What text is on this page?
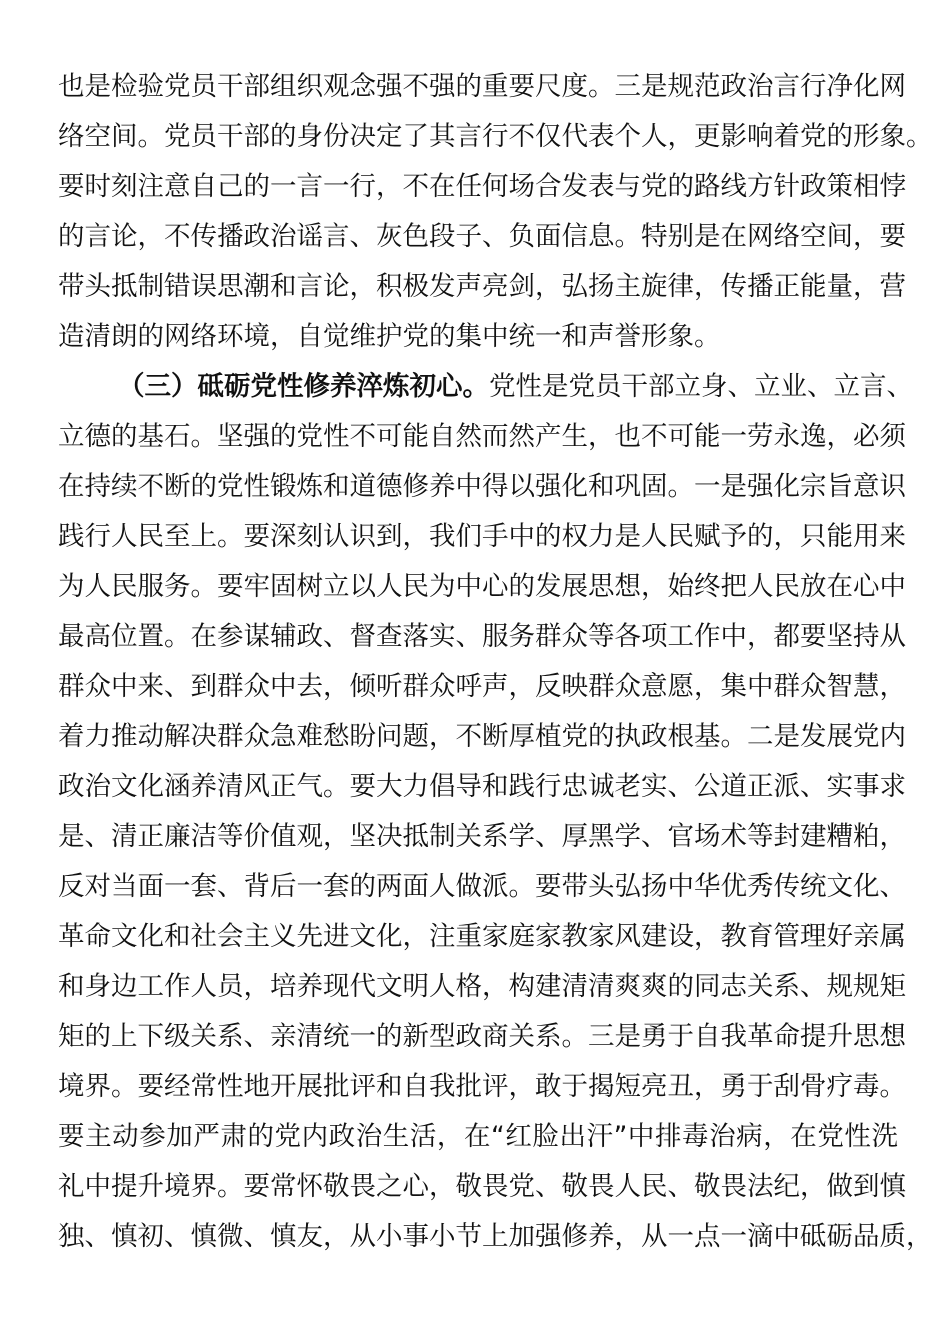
也是检验党员干部组织观念强不强的重要尺度。三是规范政治言行净化网
络空间。党员干部的身份决定了其言行不仅代表个人，更影响着党的形象。
要时刻注意自己的一言一行，不在任何场合发表与党的路线方针政策相悖
的言论，不传播政治谣言、灰色段子、负面信息。特别是在网络空间，要
带头抵制错误思潮和言论，积极发声亮剑，弘扬主旋律，传播正能量，营
造清朗的网络环境，自觉维护党的集中统一和声誉形象。
（三）砥砺党性修养淬炼初心。党性是党员干部立身、立业、立言、
立德的基石。坚强的党性不可能自然而然产生，也不可能一劳永逸，必须
在持续不断的党性锻炼和道德修养中得以强化和巩固。一是强化宗旨意识
践行人民至上。要深刻认识到，我们手中的权力是人民赋予的，只能用来
为人民服务。要牢固树立以人民为中心的发展思想，始终把人民放在心中
最高位置。在参谋辅政、督查落实、服务群众等各项工作中，都要坚持从
群众中来、到群众中去，倾听群众呼声，反映群众意愿，集中群众智慧，
着力推动解决群众急难愁盼问题，不断厚植党的执政根基。二是发展党内
政治文化涵养清风正气。要大力倡导和践行忠诚老实、公道正派、实事求
是、清正廉洁等价值观，坚决抵制关系学、厚黑学、官场术等封建糟粕，
反对当面一套、背后一套的两面人做派。要带头弘扬中华优秀传统文化、
革命文化和社会主义先进文化，注重家庭家教家风建设，教育管理好亲属
和身边工作人员，培养现代文明人格，构建清清爽爽的同志关系、规规矩
矩的上下级关系、亲清统一的新型政商关系。三是勇于自我革命提升思想
境界。要经常性地开展批评和自我批评，敢于揭短亮丑，勇于刮骨疗毒。
要主动参加严肃的党内政治生活，在“红脸出汗”中排毒治病，在党性洗
礼中提升境界。要常怀敬畏之心，敬畏党、敬畏人民、敬畏法纪，做到慎
独、慎初、慎微、慎友，从小事小节上加强修养，从一点一滴中砥砺品质，
